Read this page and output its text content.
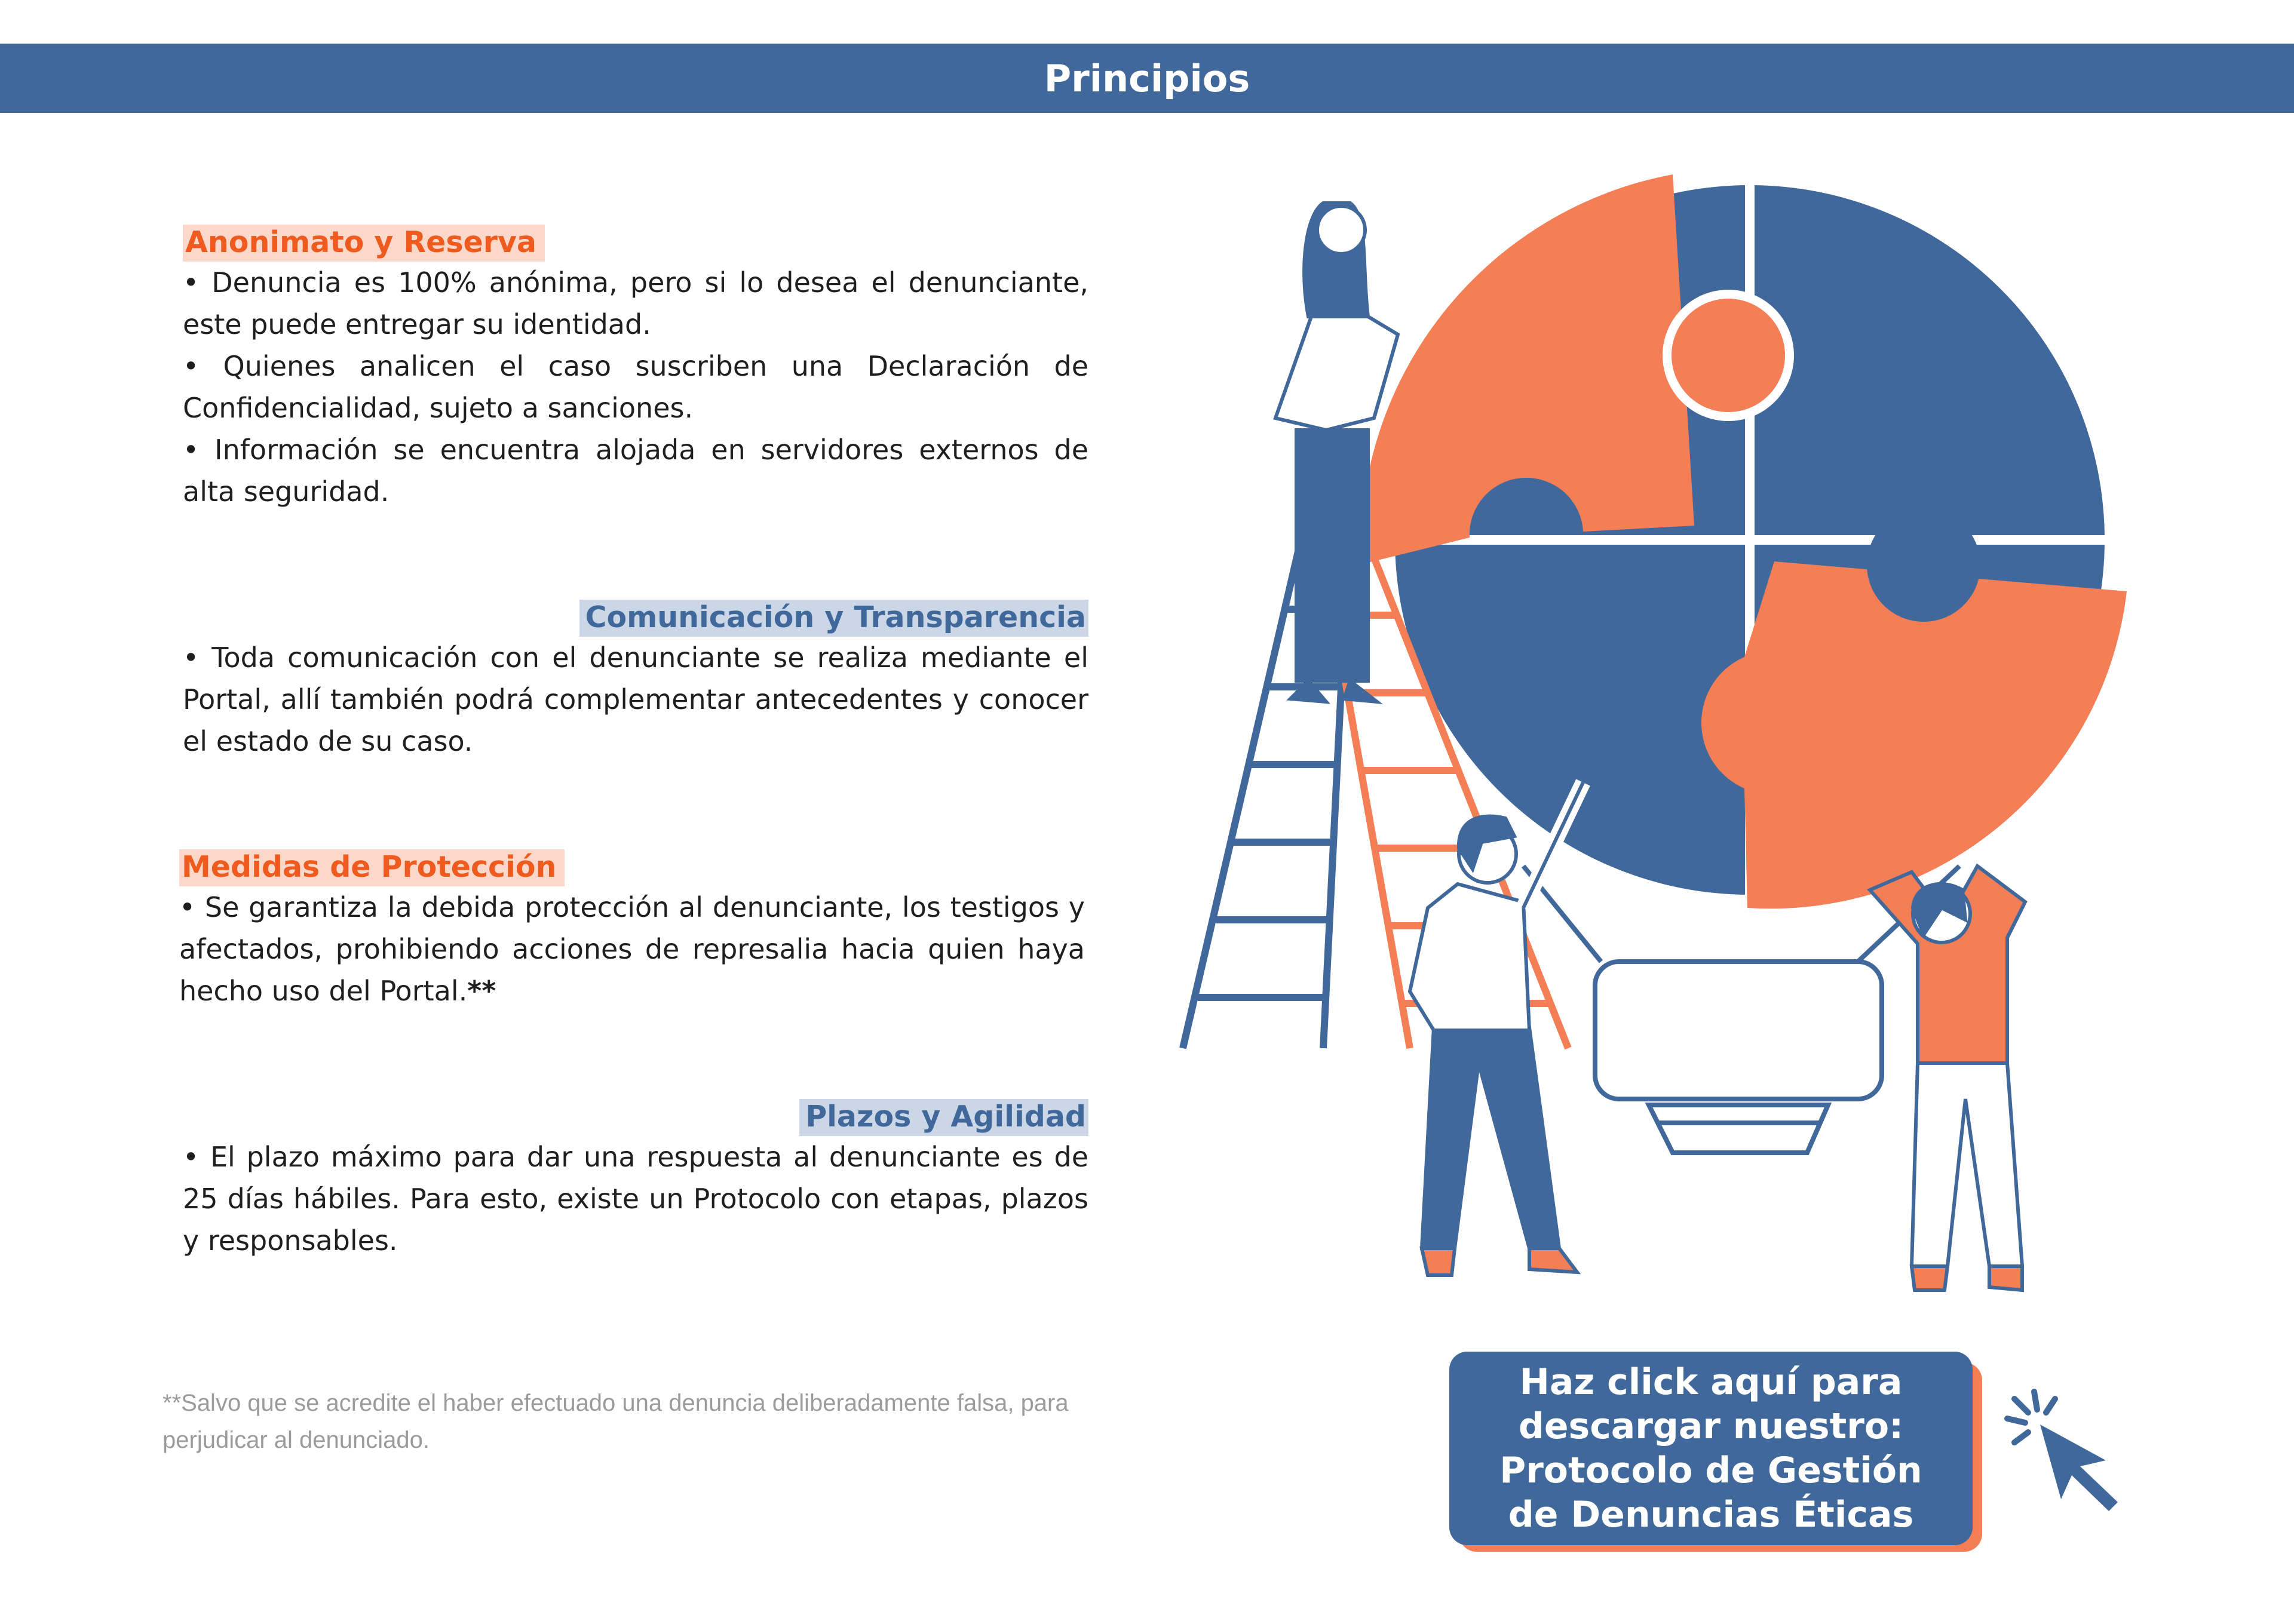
Principios
Anonimato y Reserva

• Denuncia es 100% anónima, pero si lo desea el denunciante, este puede entregar su identidad.

• Quienes analicen el caso suscriben una Declaración de Confidencialidad, sujeto a sanciones.

• Información se encuentra alojada en servidores externos de alta seguridad.

Comunicación y Transparencia

• Toda comunicación con el denunciante se realiza mediante el Portal, allí también podrá complementar antecedentes y conocer el estado de su caso.

Medidas de Protección

• Se garantiza la debida protección al denunciante, los testigos y afectados, prohibiendo acciones de represalia hacia quien haya hecho uso del Portal.**

Plazos y Agilidad

• El plazo máximo para dar una respuesta al denunciante es de 25 días hábiles. Para esto, existe un Protocolo con etapas, plazos y responsables.

**Salvo que se acredite el haber efectuado una denuncia deliberadamente falsa, para perjudicar al denunciado.
Haz click aquí para
descargar nuestro:
Protocolo de Gestión
de Denuncias Éticas
